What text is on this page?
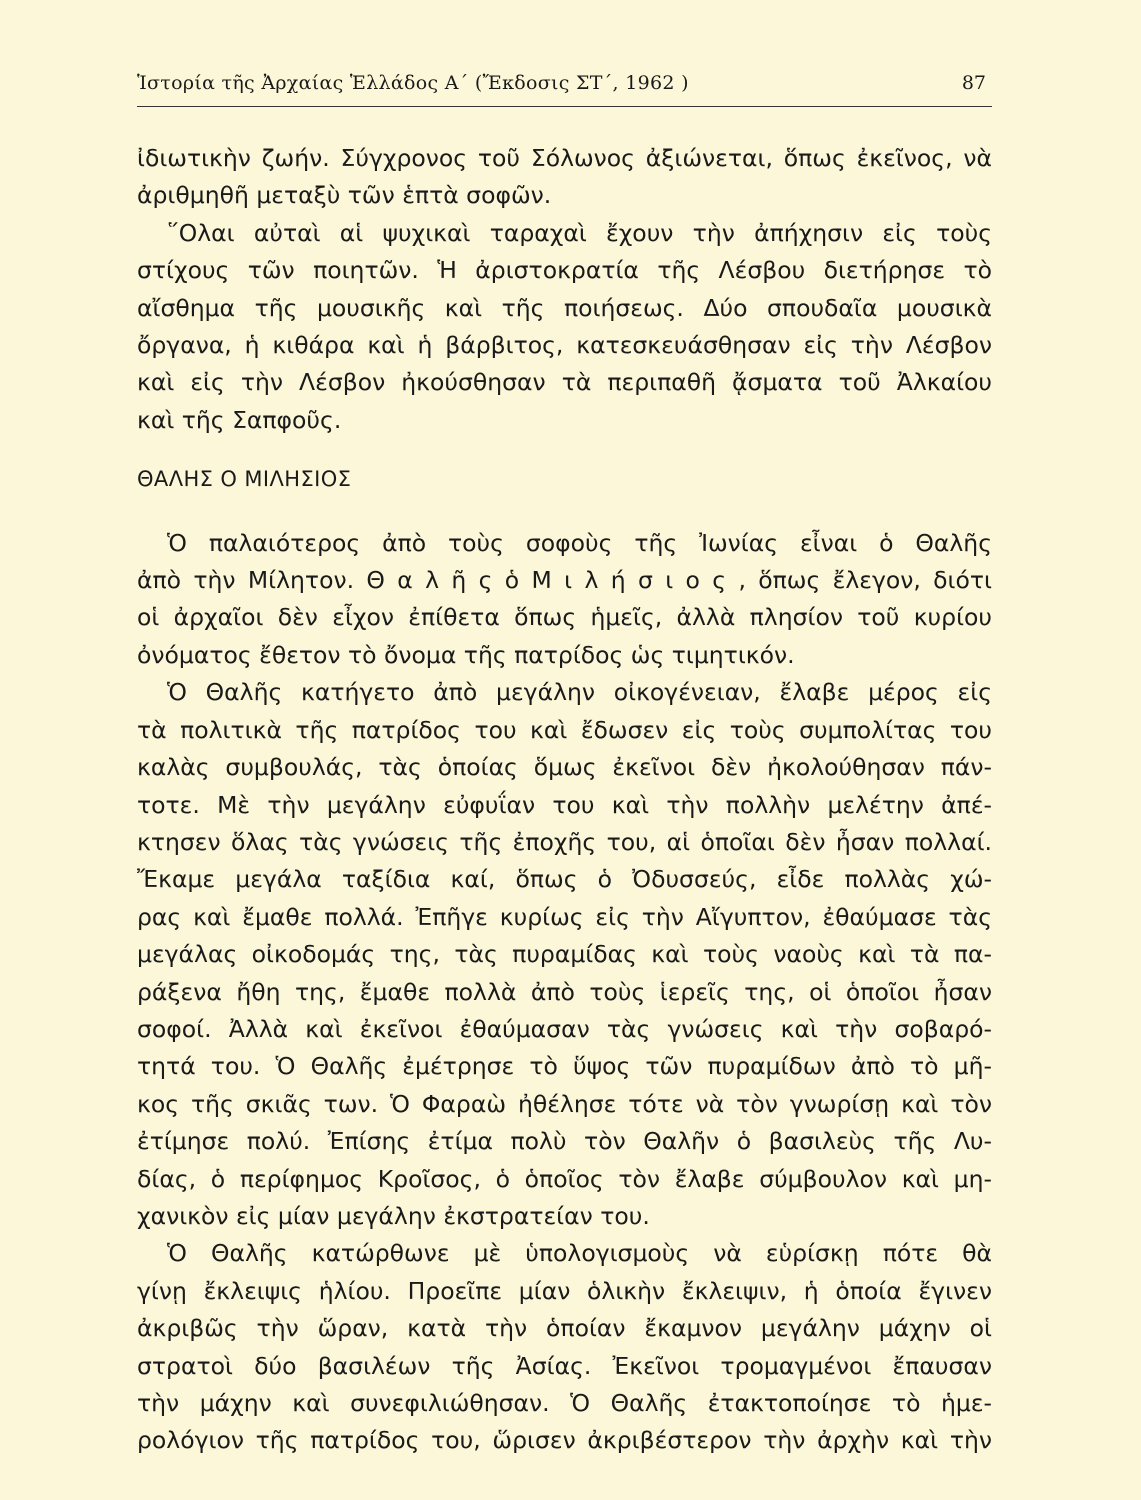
Ἱστορία τῆς Ἀρχαίας Ἑλλάδος Α´ (Ἔκδοσις ΣΤ´, 1962 )	87
ἰδιωτικὴν ζωήν. Σύγχρονος τοῦ Σόλωνος ἀξιώνεται, ὅπως ἐκεῖνος, νὰ
ἀριθμηθῆ μεταξὺ τῶν ἑπτὰ σοφῶν.
῞Ολαι αὐταὶ αἱ ψυχικαὶ ταραχαὶ ἔχουν τὴν ἀπήχησιν εἰς τοὺς
στίχους τῶν ποιητῶν. Ἡ ἀριστοκρατία τῆς Λέσβου διετήρησε τὸ
αἴσθημα τῆς μουσικῆς καὶ τῆς ποιήσεως. Δύο σπουδαῖα μουσικὰ
ὄργανα, ἡ κιθάρα καὶ ἡ βάρβιτος, κατεσκευάσθησαν εἰς τὴν Λέσβον
καὶ εἰς τὴν Λέσβον ἠκούσθησαν τὰ περιπαθῆ ᾄσματα τοῦ Ἀλκαίου
καὶ τῆς Σαπφοῦς.
ΘΑΛΗΣ Ο ΜΙΛΗΣΙΟΣ
Ὁ παλαιότερος ἀπὸ τοὺς σοφοὺς τῆς Ἰωνίας εἶναι ὁ Θαλῆς
ἀπὸ τὴν Μίλητον. Θ α λ ῆ ς ὁ Μ ι λ ή σ ι ο ς , ὅπως ἔλεγον, διότι
οἱ ἀρχαῖοι δὲν εἶχον ἐπίθετα ὅπως ἡμεῖς, ἀλλὰ πλησίον τοῦ κυρίου
ὀνόματος ἔθετον τὸ ὄνομα τῆς πατρίδος ὡς τιμητικόν.
Ὁ Θαλῆς κατήγετο ἀπὸ μεγάλην οἰκογένειαν, ἔλαβε μέρος εἰς
τὰ πολιτικὰ τῆς πατρίδος του καὶ ἔδωσεν εἰς τοὺς συμπολίτας του
καλὰς συμβουλάς, τὰς ὁποίας ὅμως ἐκεῖνοι δὲν ἠκολούθησαν πάν-
τοτε. Μὲ τὴν μεγάλην εὐφυΐαν του καὶ τὴν πολλὴν μελέτην ἀπέ-
κτησεν ὅλας τὰς γνώσεις τῆς ἐποχῆς του, αἱ ὁποῖαι δὲν ἦσαν πολλαί.
Ἔκαμε μεγάλα ταξίδια καί, ὅπως ὁ Ὀδυσσεύς, εἶδε πολλὰς χώ-
ρας καὶ ἔμαθε πολλά. Ἐπῆγε κυρίως εἰς τὴν Αἴγυπτον, ἐθαύμασε τὰς
μεγάλας οἰκοδομάς της, τὰς πυραμίδας καὶ τοὺς ναοὺς καὶ τὰ πα-
ράξενα ἤθη της, ἔμαθε πολλὰ ἀπὸ τοὺς ἱερεῖς της, οἱ ὁποῖοι ἦσαν
σοφοί. Ἀλλὰ καὶ ἐκεῖνοι ἐθαύμασαν τὰς γνώσεις καὶ τὴν σοβαρό-
τητά του. Ὁ Θαλῆς ἐμέτρησε τὸ ὕψος τῶν πυραμίδων ἀπὸ τὸ μῆ-
κος τῆς σκιᾶς των. Ὁ Φαραὼ ἠθέλησε τότε νὰ τὸν γνωρίσῃ καὶ τὸν
ἐτίμησε πολύ. Ἐπίσης ἐτίμα πολὺ τὸν Θαλῆν ὁ βασιλεὺς τῆς Λυ-
δίας, ὁ περίφημος Κροῖσος, ὁ ὁποῖος τὸν ἔλαβε σύμβουλον καὶ μη-
χανικὸν εἰς μίαν μεγάλην ἐκστρατείαν του.
Ὁ Θαλῆς κατώρθωνε μὲ ὑπολογισμοὺς νὰ εὑρίσκῃ πότε θὰ
γίνῃ ἔκλειψις ἡλίου. Προεῖπε μίαν ὁλικὴν ἔκλειψιν, ἡ ὁποία ἔγινεν
ἀκριβῶς τὴν ὥραν, κατὰ τὴν ὁποίαν ἔκαμνον μεγάλην μάχην οἱ
στρατοὶ δύο βασιλέων τῆς Ἀσίας. Ἐκεῖνοι τρομαγμένοι ἔπαυσαν
τὴν μάχην καὶ συνεφιλιώθησαν. Ὁ Θαλῆς ἐτακτοποίησε τὸ ἡμε-
ρολόγιον τῆς πατρίδος του, ὥρισεν ἀκριβέστερον τὴν ἀρχὴν καὶ τὴν
